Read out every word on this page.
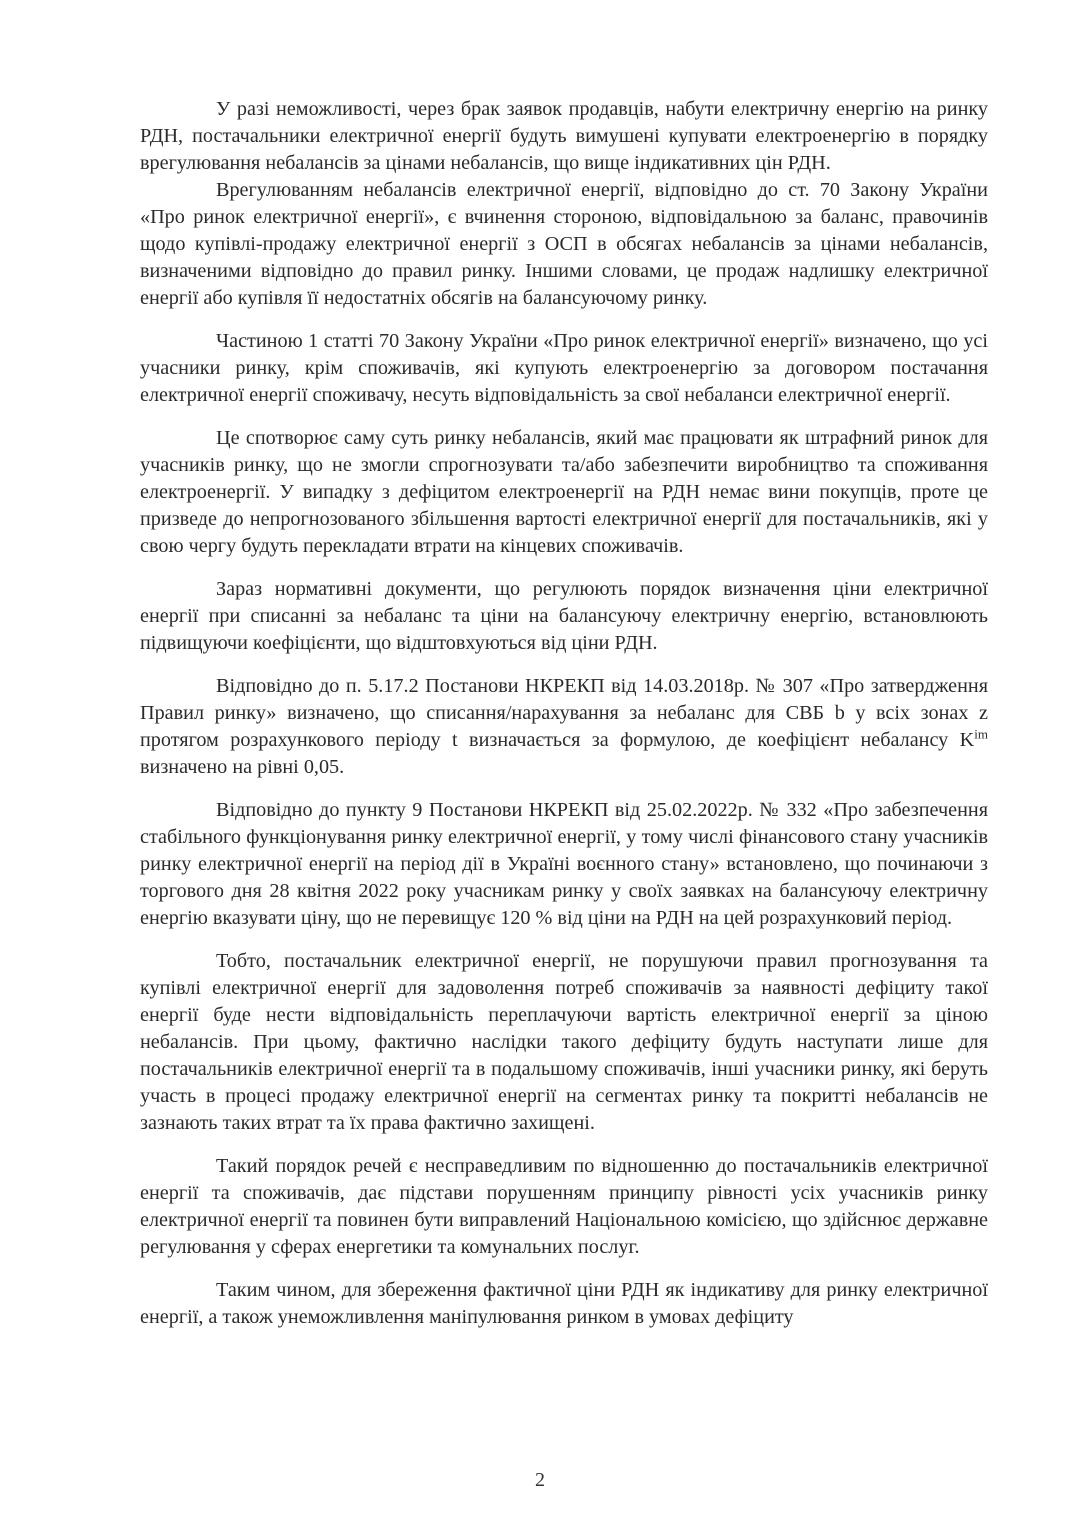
У разі неможливості, через брак заявок продавців, набути електричну енергію на ринку РДН, постачальники електричної енергії будуть вимушені купувати електроенергію в порядку врегулювання небалансів за цінами небалансів, що вище індикативних цін РДН.

Врегулюванням небалансів електричної енергії, відповідно до ст. 70 Закону України «Про ринок електричної енергії», є вчинення стороною, відповідальною за баланс, правочинів щодо купівлі-продажу електричної енергії з ОСП в обсягах небалансів за цінами небалансів, визначеними відповідно до правил ринку. Іншими словами, це продаж надлишку електричної енергії або купівля її недостатніх обсягів на балансуючому ринку.

Частиною 1 статті 70 Закону України «Про ринок електричної енергії» визначено, що усі учасники ринку, крім споживачів, які купують електроенергію за договором постачання електричної енергії споживачу, несуть відповідальність за свої небаланси електричної енергії.

Це спотворює саму суть ринку небалансів, який має працювати як штрафний ринок для учасників ринку, що не змогли спрогнозувати та/або забезпечити виробництво та споживання електроенергії. У випадку з дефіцитом електроенергії на РДН немає вини покупців, проте це призведе до непрогнозованого збільшення вартості електричної енергії для постачальників, які у свою чергу будуть перекладати втрати на кінцевих споживачів.

Зараз нормативні документи, що регулюють порядок визначення ціни електричної енергії при списанні за небаланс та ціни на балансуючу електричну енергію, встановлюють підвищуючи коефіцієнти, що відштовхуються від ціни РДН.

Відповідно до п. 5.17.2 Постанови НКРЕКП від 14.03.2018р. № 307 «Про затвердження Правил ринку» визначено, що списання/нарахування за небаланс для СВБ b у всіх зонах z протягом розрахункового періоду t визначається за формулою, де коефіцієнт небалансу $K^{im}$ визначено на рівні 0,05.

Відповідно до пункту 9 Постанови НКРЕКП від 25.02.2022р. № 332 «Про забезпечення стабільного функціонування ринку електричної енергії, у тому числі фінансового стану учасників ринку електричної енергії на період дії в Україні воєнного стану» встановлено, що починаючи з торгового дня 28 квітня 2022 року учасникам ринку у своїх заявках на балансуючу електричну енергію вказувати ціну, що не перевищує 120 % від ціни на РДН на цей розрахунковий період.

Тобто, постачальник електричної енергії, не порушуючи правил прогнозування та купівлі електричної енергії для задоволення потреб споживачів за наявності дефіциту такої енергії буде нести відповідальність переплачуючи вартість електричної енергії за ціною небалансів. При цьому, фактично наслідки такого дефіциту будуть наступати лише для постачальників електричної енергії та в подальшому споживачів, інші учасники ринку, які беруть участь в процесі продажу електричної енергії на сегментах ринку та покритті небалансів не зазнають таких втрат та їх права фактично захищені.

Такий порядок речей є несправедливим по відношенню до постачальників електричної енергії та споживачів, дає підстави порушенням принципу рівності усіх учасників ринку електричної енергії та повинен бути виправлений Національною комісією, що здійснює державне регулювання у сферах енергетики та комунальних послуг.

Таким чином, для збереження фактичної ціни РДН як індикативу для ринку електричної енергії, а також унеможливлення маніпулювання ринком в умовах дефіциту

2
